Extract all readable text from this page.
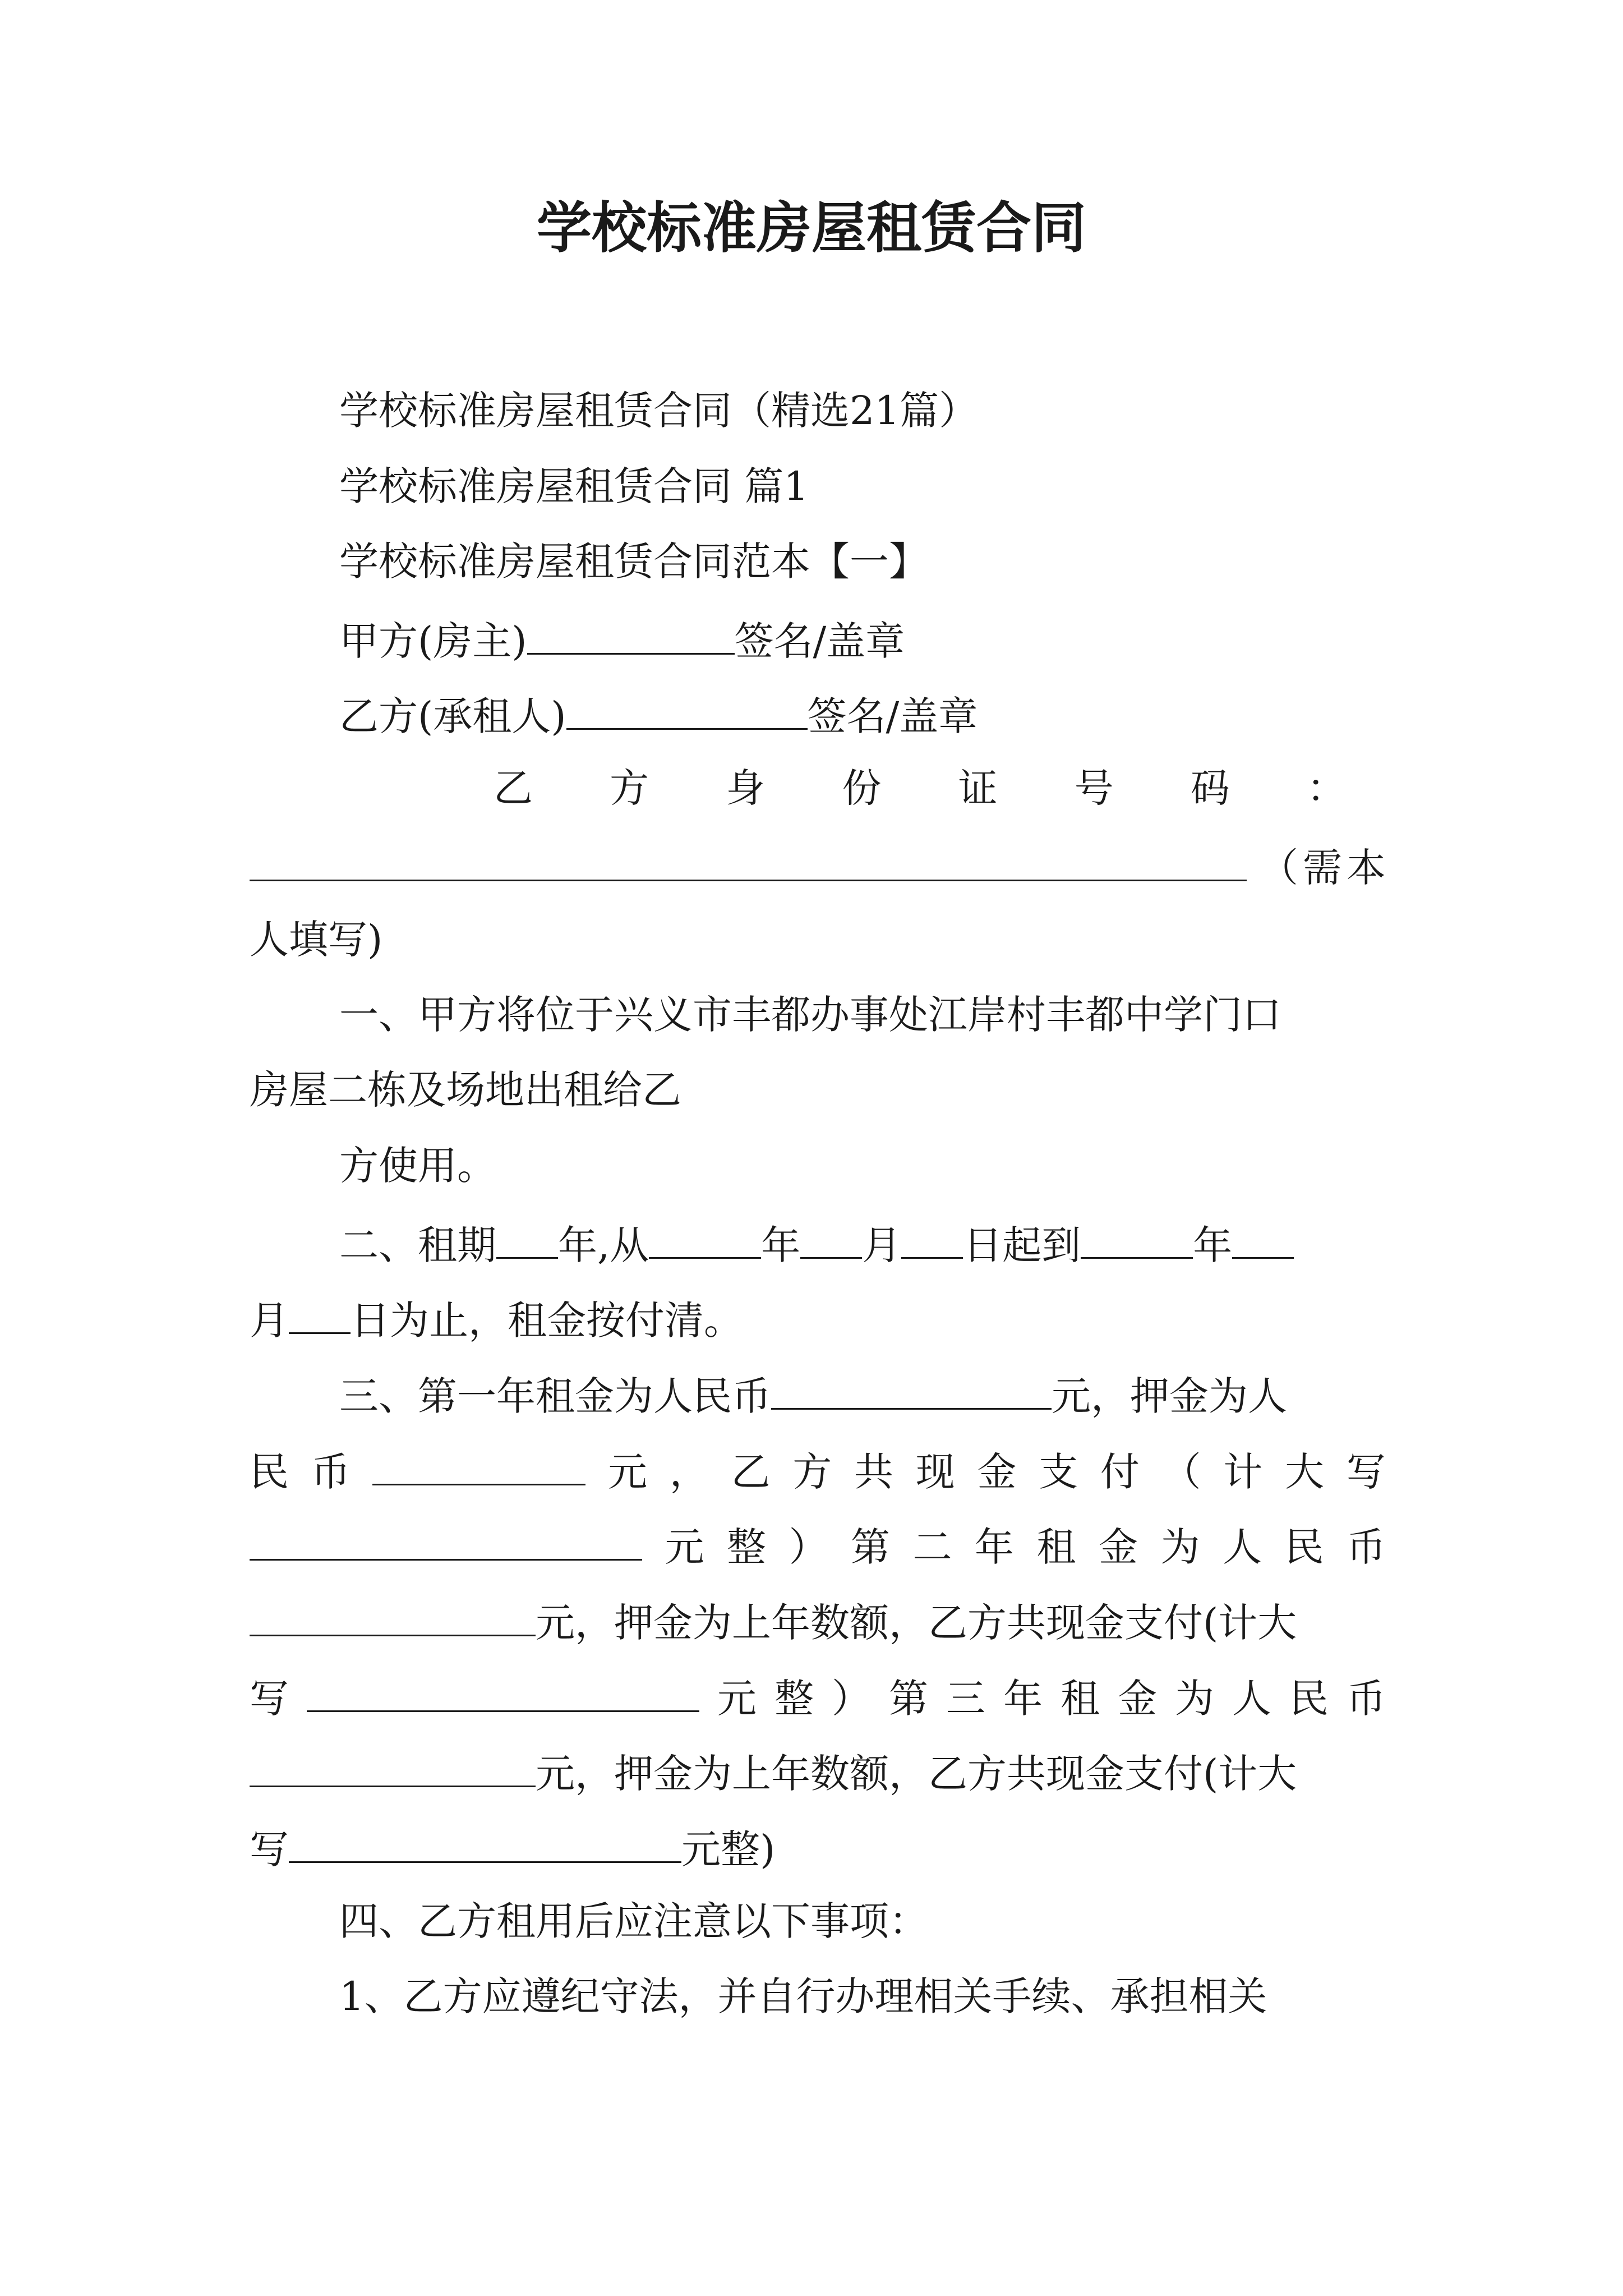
学校标准房屋租赁合同
学校标准房屋租赁合同（精选21篇）
学校标准房屋租赁合同 篇1
学校标准房屋租赁合同范本【一】
甲方(房主)	签名/盖章
乙方(承租人)	签名/盖章
乙 方 身 份 证 号 码 ：
（ 需 本
人填写)
一、甲方将位于兴义市丰都办事处江岸村丰都中学门口
房屋二栋及场地出租给乙
方使用。
二、租期 年,从	年 月 日起到	年
月 日为止，租金按付清。
三、第一年租金为人民币	元，押金为人
民 币	元 ， 乙 方 共 现 金 支 付 （ 计 大 写
元 整 ） 第 二 年 租 金 为 人 民 币
元，押金为上年数额，乙方共现金支付(计大
写	元 整 ） 第 三 年 租 金 为 人 民 币
元，押金为上年数额，乙方共现金支付(计大
写	元整)
四、乙方租用后应注意以下事项：
1、乙方应遵纪守法，并自行办理相关手续、承担相关
